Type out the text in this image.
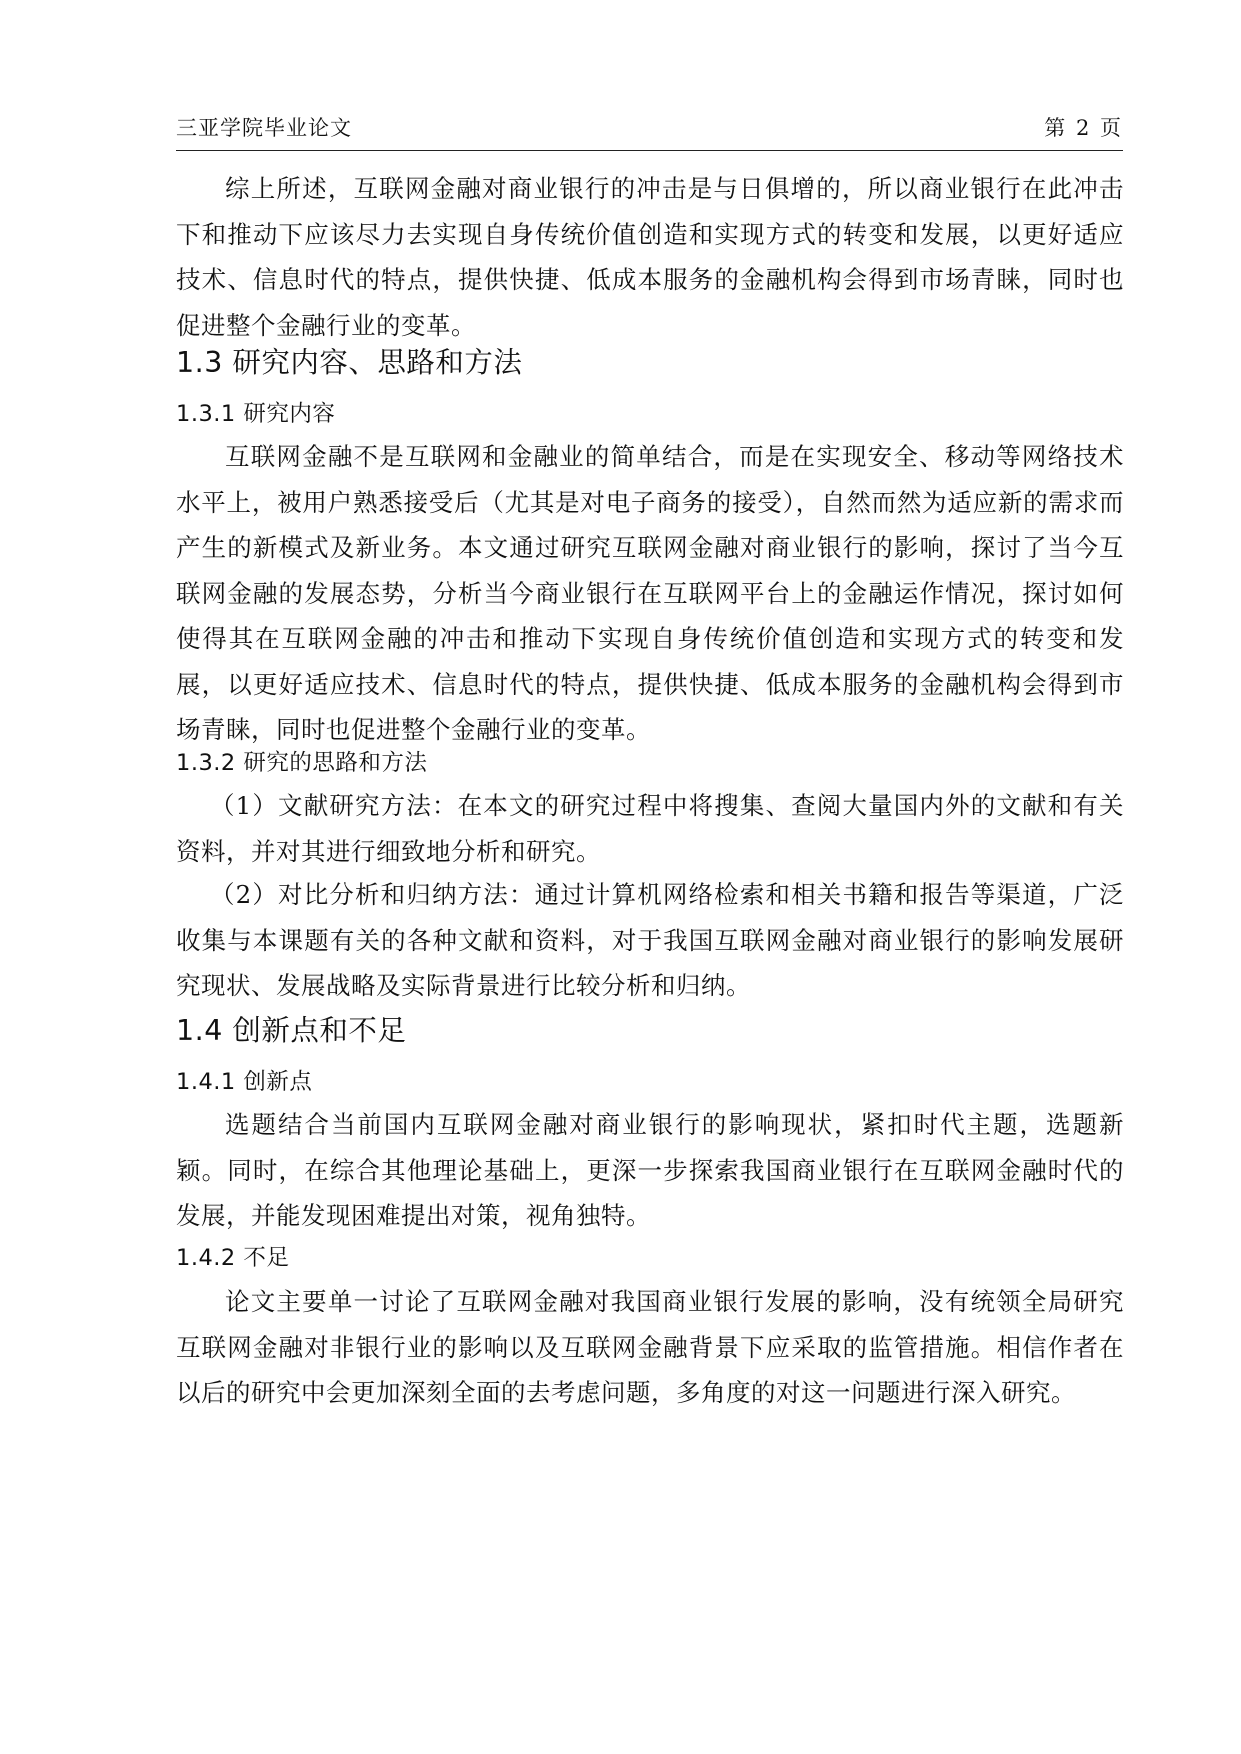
三亚学院毕业论文	第 2 页

综上所述，互联网金融对商业银行的冲击是与日俱增的，所以商业银行在此冲击下和推动下应该尽力去实现自身传统价值创造和实现方式的转变和发展，以更好适应技术、信息时代的特点，提供快捷、低成本服务的金融机构会得到市场青睐，同时也促进整个金融行业的变革。

1.3 研究内容、思路和方法
1.3.1 研究内容

互联网金融不是互联网和金融业的简单结合，而是在实现安全、移动等网络技术水平上，被用户熟悉接受后（尤其是对电子商务的接受），自然而然为适应新的需求而产生的新模式及新业务。本文通过研究互联网金融对商业银行的影响，探讨了当今互联网金融的发展态势，分析当今商业银行在互联网平台上的金融运作情况，探讨如何使得其在互联网金融的冲击和推动下实现自身传统价值创造和实现方式的转变和发展，以更好适应技术、信息时代的特点，提供快捷、低成本服务的金融机构会得到市场青睐，同时也促进整个金融行业的变革。

1.3.2 研究的思路和方法

（1）文献研究方法：在本文的研究过程中将搜集、查阅大量国内外的文献和有关资料，并对其进行细致地分析和研究。

（2）对比分析和归纳方法：通过计算机网络检索和相关书籍和报告等渠道，广泛收集与本课题有关的各种文献和资料，对于我国互联网金融对商业银行的影响发展研究现状、发展战略及实际背景进行比较分析和归纳。

1.4 创新点和不足
1.4.1 创新点

选题结合当前国内互联网金融对商业银行的影响现状，紧扣时代主题，选题新颖。同时，在综合其他理论基础上，更深一步探索我国商业银行在互联网金融时代的发展，并能发现困难提出对策，视角独特。

1.4.2 不足

论文主要单一讨论了互联网金融对我国商业银行发展的影响，没有统领全局研究互联网金融对非银行业的影响以及互联网金融背景下应采取的监管措施。相信作者在以后的研究中会更加深刻全面的去考虑问题，多角度的对这一问题进行深入研究。
